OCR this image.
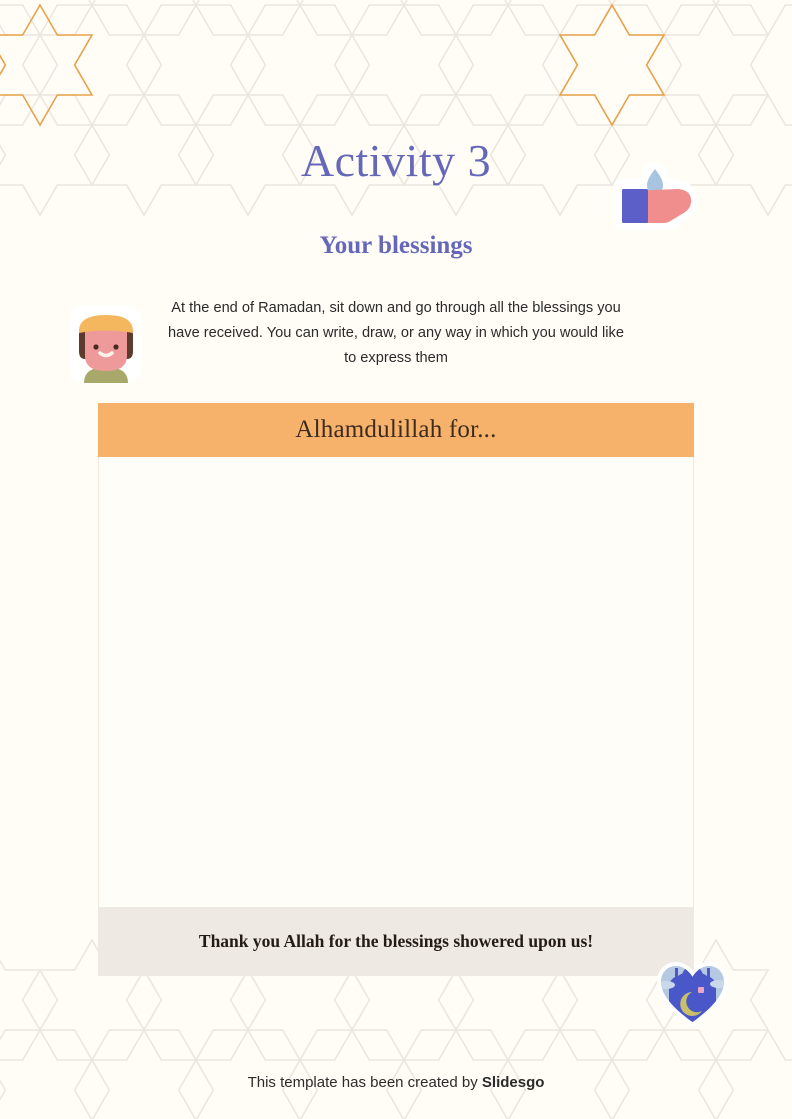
Activity 3
Your blessings

At the end of Ramadan, sit down and go through all the blessings you have received. You can write, draw, or any way in which you would like to express them

Alhamdulillah for...
Thank you Allah for the blessings showered upon us!
This template has been created by Slidesgo
